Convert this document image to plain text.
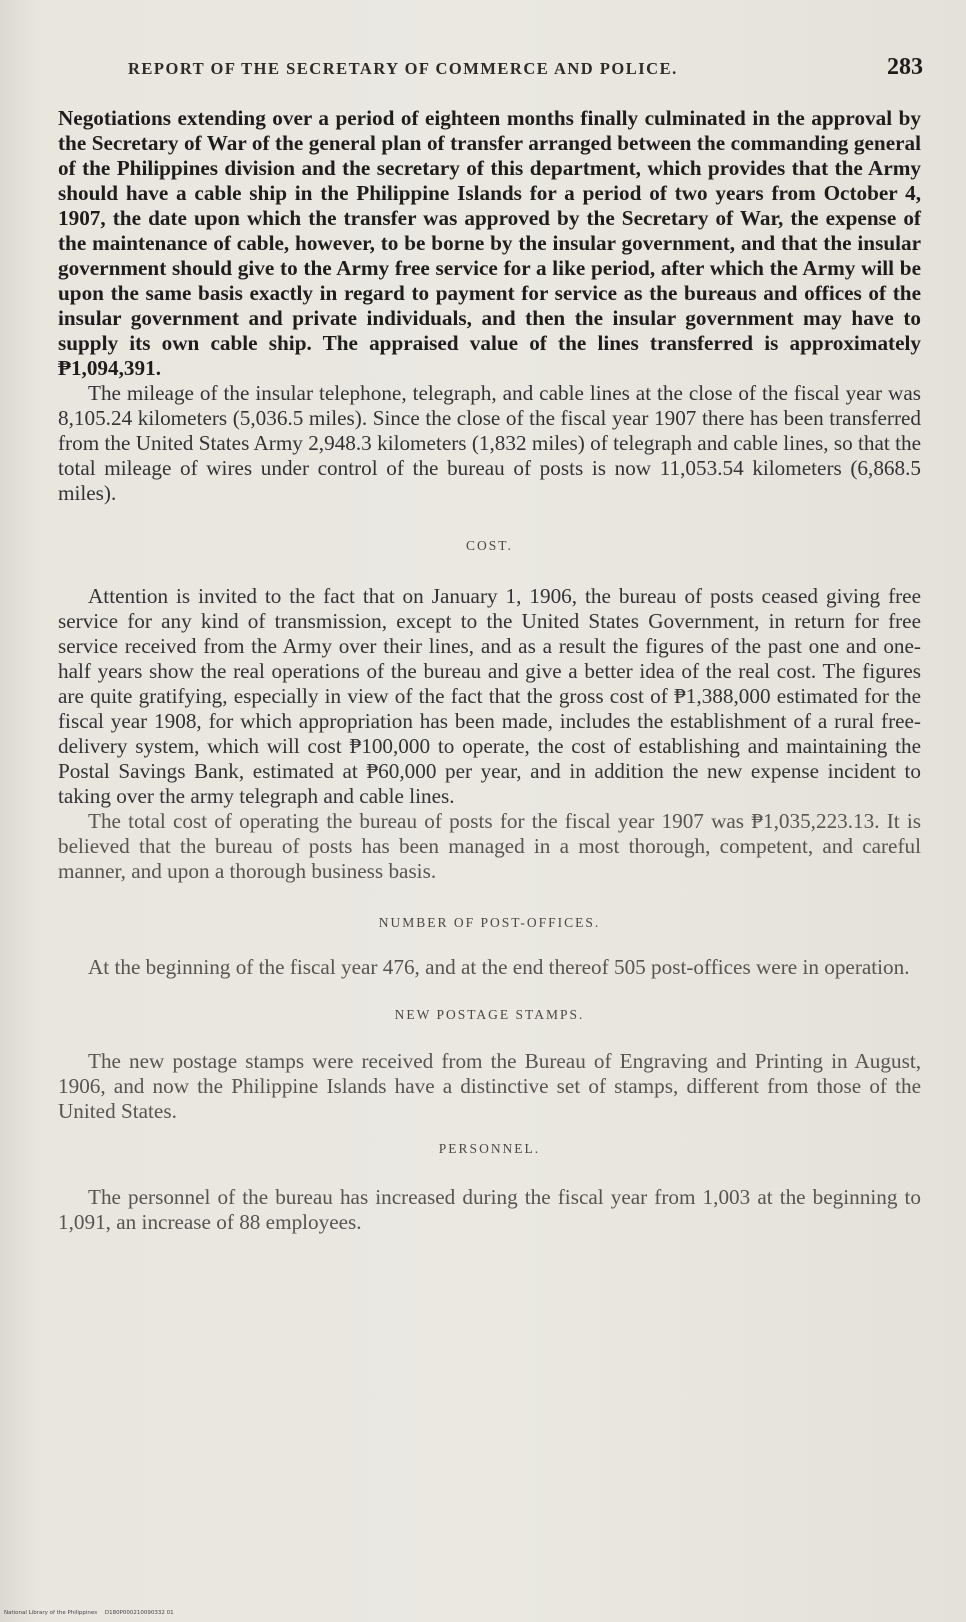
REPORT OF THE SECRETARY OF COMMERCE AND POLICE.	283

Negotiations extending over a period of eighteen months finally culminated in the approval by the Secretary of War of the general plan of transfer arranged between the commanding general of the Philippines division and the secretary of this department, which provides that the Army should have a cable ship in the Philippine Islands for a period of two years from October 4, 1907, the date upon which the transfer was approved by the Secretary of War, the expense of the maintenance of cable, however, to be borne by the insular government, and that the insular government should give to the Army free service for a like period, after which the Army will be upon the same basis exactly in regard to payment for service as the bureaus and offices of the insular government and private individuals, and then the insular government may have to supply its own cable ship. The appraised value of the lines transferred is approximately ₱1,094,391.

The mileage of the insular telephone, telegraph, and cable lines at the close of the fiscal year was 8,105.24 kilometers (5,036.5 miles). Since the close of the fiscal year 1907 there has been transferred from the United States Army 2,948.3 kilometers (1,832 miles) of telegraph and cable lines, so that the total mileage of wires under control of the bureau of posts is now 11,053.54 kilometers (6,868.5 miles).

COST.

Attention is invited to the fact that on January 1, 1906, the bureau of posts ceased giving free service for any kind of transmission, except to the United States Government, in return for free service received from the Army over their lines, and as a result the figures of the past one and one-half years show the real operations of the bureau and give a better idea of the real cost. The figures are quite gratifying, especially in view of the fact that the gross cost of ₱1,388,000 estimated for the fiscal year 1908, for which appropriation has been made, includes the establishment of a rural free-delivery system, which will cost ₱100,000 to operate, the cost of establishing and maintaining the Postal Savings Bank, estimated at ₱60,000 per year, and in addition the new expense incident to taking over the army telegraph and cable lines.

The total cost of operating the bureau of posts for the fiscal year 1907 was ₱1,035,223.13. It is believed that the bureau of posts has been managed in a most thorough, competent, and careful manner, and upon a thorough business basis.

NUMBER OF POST-OFFICES.

At the beginning of the fiscal year 476, and at the end thereof 505 post-offices were in operation.

NEW POSTAGE STAMPS.

The new postage stamps were received from the Bureau of Engraving and Printing in August, 1906, and now the Philippine Islands have a distinctive set of stamps, different from those of the United States.

PERSONNEL.

The personnel of the bureau has increased during the fiscal year from 1,003 at the beginning to 1,091, an increase of 88 employees.

National Library of the Philippines D180P000210090332 01
